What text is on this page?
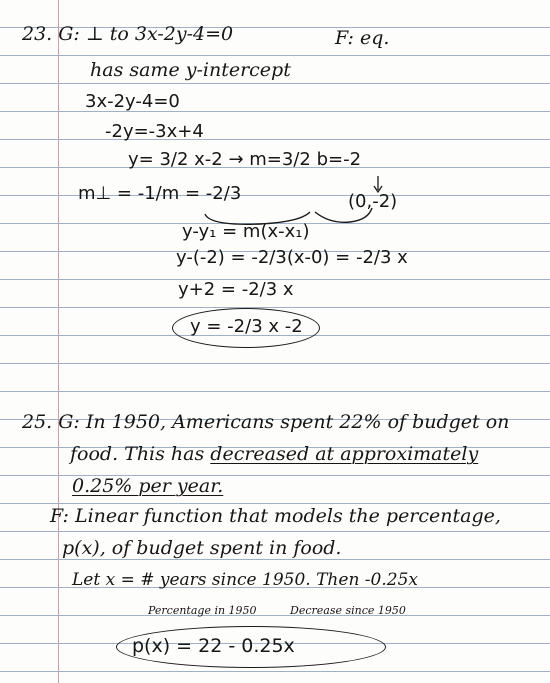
23. G: ⊥ to 3x-2y-4=0	F: eq.
has same y-intercept
3x-2y-4=0
-2y=-3x+4
y= 3/2 x-2 → m=3/2 b=-2
m⊥ = -1/m = -2/3	(0,-2)
y-y₁ = m(x-x₁)
y-(-2) = -2/3(x-0) = -2/3 x
y+2 = -2/3 x
y = -2/3 x -2
25. G: In 1950, Americans spent 22% of budget on
food. This has decreased at approximately
0.25% per year.
F: Linear function that models the percentage,
p(x), of budget spent in food.
Let x = # years since 1950. Then -0.25x
Percentage in 1950	Decrease since 1950
p(x) = 22 - 0.25x
